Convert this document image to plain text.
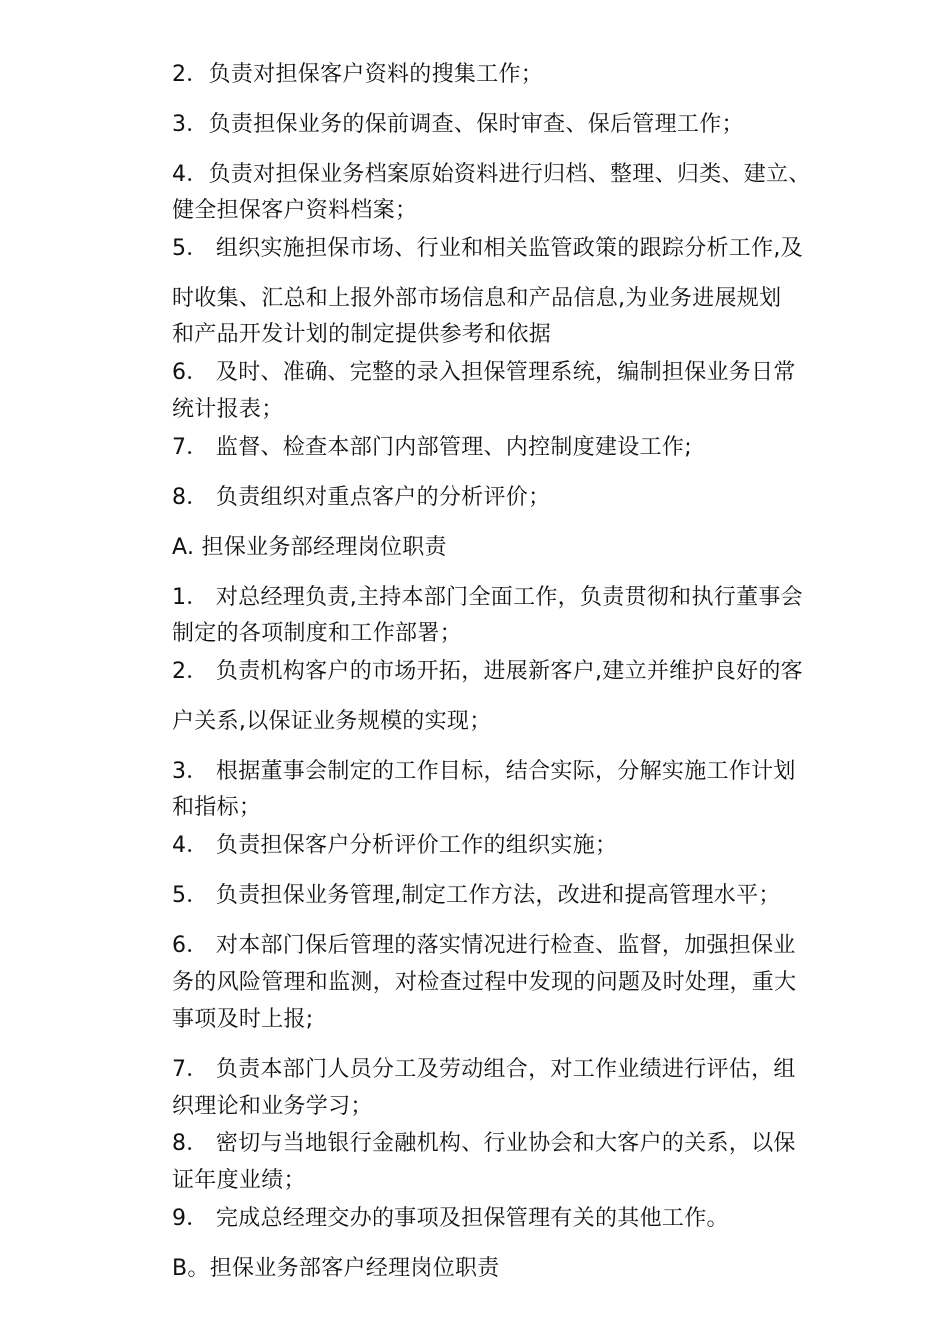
2．负责对担保客户资料的搜集工作；
3．负责担保业务的保前调查、保时审查、保后管理工作；
4．负责对担保业务档案原始资料进行归档、整理、归类、建立、
健全担保客户资料档案；
5． 组织实施担保市场、行业和相关监管政策的跟踪分析工作,及
时收集、汇总和上报外部市场信息和产品信息,为业务进展规划
和产品开发计划的制定提供参考和依据
6． 及时、准确、完整的录入担保管理系统，编制担保业务日常
统计报表；
7． 监督、检查本部门内部管理、内控制度建设工作;
8． 负责组织对重点客户的分析评价；
A. 担保业务部经理岗位职责
1． 对总经理负责,主持本部门全面工作，负责贯彻和执行董事会
制定的各项制度和工作部署；
2． 负责机构客户的市场开拓，进展新客户,建立并维护良好的客
户关系,以保证业务规模的实现；
3． 根据董事会制定的工作目标，结合实际，分解实施工作计划
和指标；
4． 负责担保客户分析评价工作的组织实施；
5． 负责担保业务管理,制定工作方法，改进和提高管理水平；
6． 对本部门保后管理的落实情况进行检查、监督，加强担保业
务的风险管理和监测，对检查过程中发现的问题及时处理，重大
事项及时上报;
7． 负责本部门人员分工及劳动组合，对工作业绩进行评估，组
织理论和业务学习；
8． 密切与当地银行金融机构、行业协会和大客户的关系，以保
证年度业绩；
9． 完成总经理交办的事项及担保管理有关的其他工作。
B。担保业务部客户经理岗位职责
